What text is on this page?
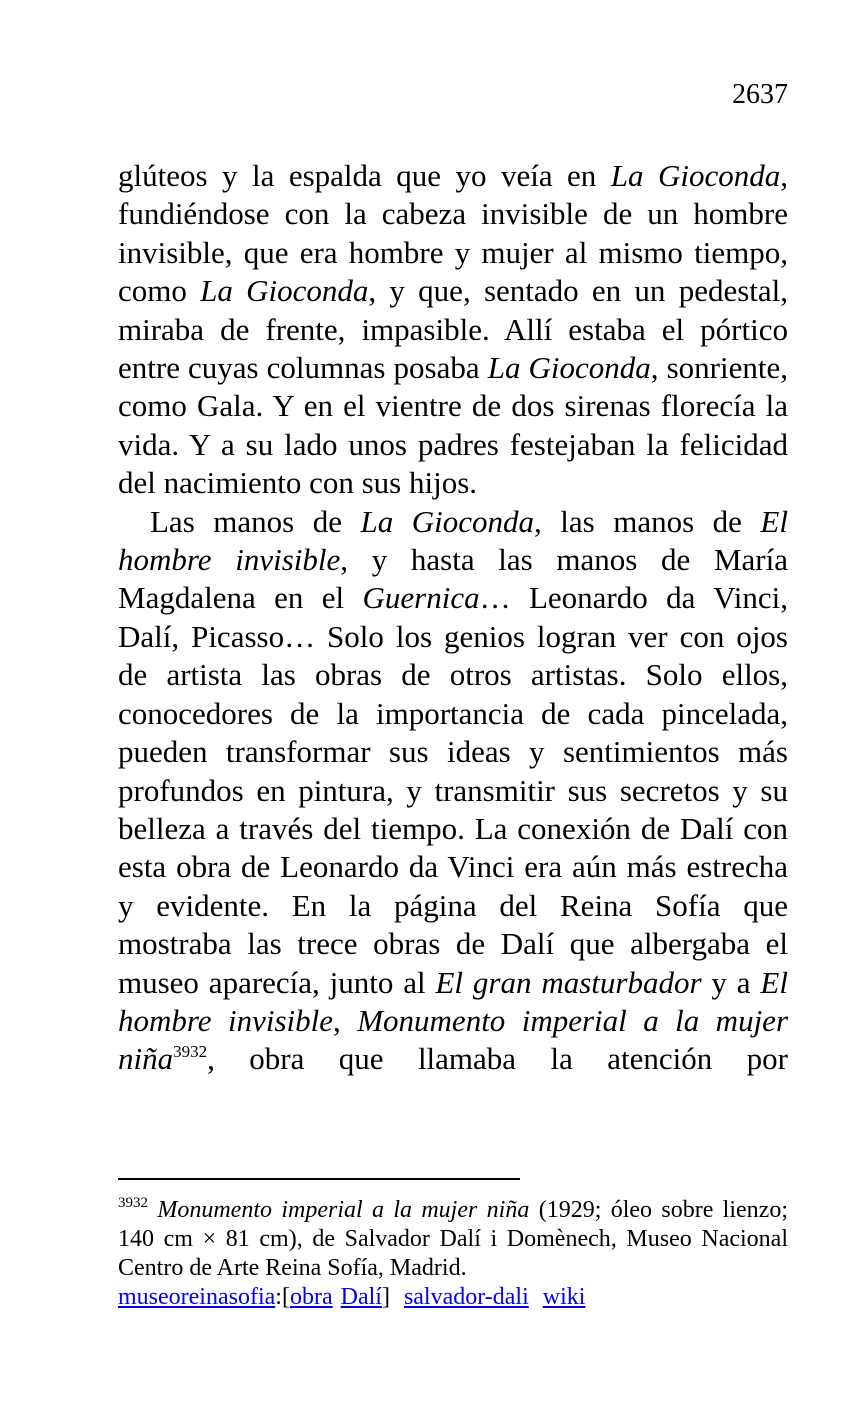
2637

glúteos y la espalda que yo veía en La Gioconda, fundiéndose con la cabeza invisible de un hombre invisible, que era hombre y mujer al mismo tiempo, como La Gioconda, y que, sentado en un pedestal, miraba de frente, impasible. Allí estaba el pórtico entre cuyas columnas posaba La Gioconda, sonriente, como Gala. Y en el vientre de dos sirenas florecía la vida. Y a su lado unos padres festejaban la felicidad del nacimiento con sus hijos.

Las manos de La Gioconda, las manos de El hombre invisible, y hasta las manos de María Magdalena en el Guernica… Leonardo da Vinci, Dalí, Picasso… Solo los genios logran ver con ojos de artista las obras de otros artistas. Solo ellos, conocedores de la importancia de cada pincelada, pueden transformar sus ideas y sentimientos más profundos en pintura, y transmitir sus secretos y su belleza a través del tiempo. La conexión de Dalí con esta obra de Leonardo da Vinci era aún más estrecha y evidente. En la página del Reina Sofía que mostraba las trece obras de Dalí que albergaba el museo aparecía, junto al El gran masturbador y a El hombre invisible, Monumento imperial a la mujer niña$^{3932}$, obra que llamaba la atención por

$^{3932}$ Monumento imperial a la mujer niña (1929; óleo sobre lienzo; 140 cm × 81 cm), de Salvador Dalí i Domènech, Museo Nacional Centro de Arte Reina Sofía, Madrid.

museoreinasofia:[obra Dalí] salvador-dali wiki
